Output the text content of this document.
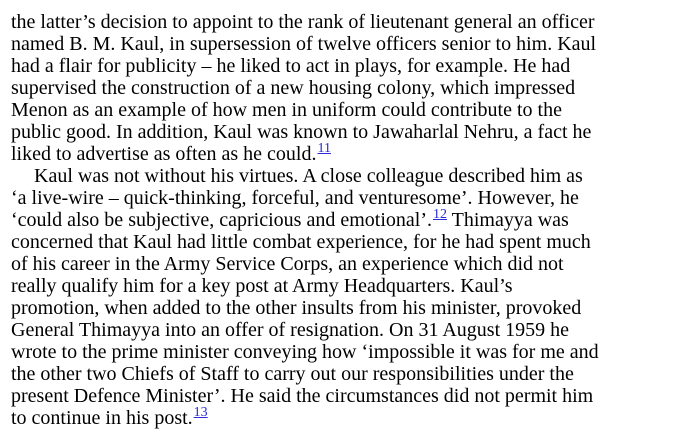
the latter’s decision to appoint to the rank of lieutenant general an officer
named B. M. Kaul, in supersession of twelve officers senior to him. Kaul
had a flair for publicity – he liked to act in plays, for example. He had
supervised the construction of a new housing colony, which impressed
Menon as an example of how men in uniform could contribute to the
public good. In addition, Kaul was known to Jawaharlal Nehru, a fact he
liked to advertise as often as he could.$^{11}$
Kaul was not without his virtues. A close colleague described him as
‘a live-wire – quick-thinking, forceful, and venturesome’. However, he
‘could also be subjective, capricious and emotional’.$^{12}$ Thimayya was
concerned that Kaul had little combat experience, for he had spent much
of his career in the Army Service Corps, an experience which did not
really qualify him for a key post at Army Headquarters. Kaul’s
promotion, when added to the other insults from his minister, provoked
General Thimayya into an offer of resignation. On 31 August 1959 he
wrote to the prime minister conveying how ‘impossible it was for me and
the other two Chiefs of Staff to carry out our responsibilities under the
present Defence Minister’. He said the circumstances did not permit him
to continue in his post.$^{13}$
